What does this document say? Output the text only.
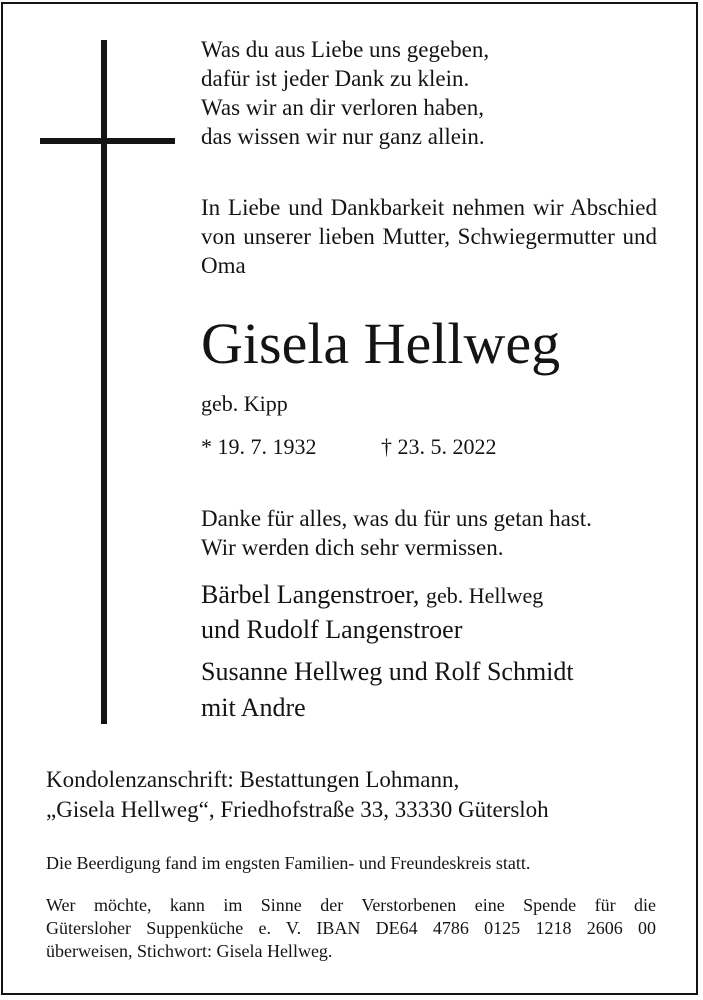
Was du aus Liebe uns gegeben,
dafür ist jeder Dank zu klein.
Was wir an dir verloren haben,
das wissen wir nur ganz allein.
In Liebe und Dankbarkeit nehmen wir Abschied von unserer lieben Mutter, Schwiegermutter und Oma
Gisela Hellweg
geb. Kipp
* 19. 7. 1932	† 23. 5. 2022
Danke für alles, was du für uns getan hast.
Wir werden dich sehr vermissen.
Bärbel Langenstroer, geb. Hellweg
und Rudolf Langenstroer
Susanne Hellweg und Rolf Schmidt
mit Andre
Kondolenzanschrift: Bestattungen Lohmann,
„Gisela Hellweg“, Friedhofstraße 33, 33330 Gütersloh
Die Beerdigung fand im engsten Familien- und Freundeskreis statt.
Wer möchte, kann im Sinne der Verstorbenen eine Spende für die
Gütersloher Suppenküche e. V. IBAN DE64 4786 0125 1218 2606 00
überweisen, Stichwort: Gisela Hellweg.
